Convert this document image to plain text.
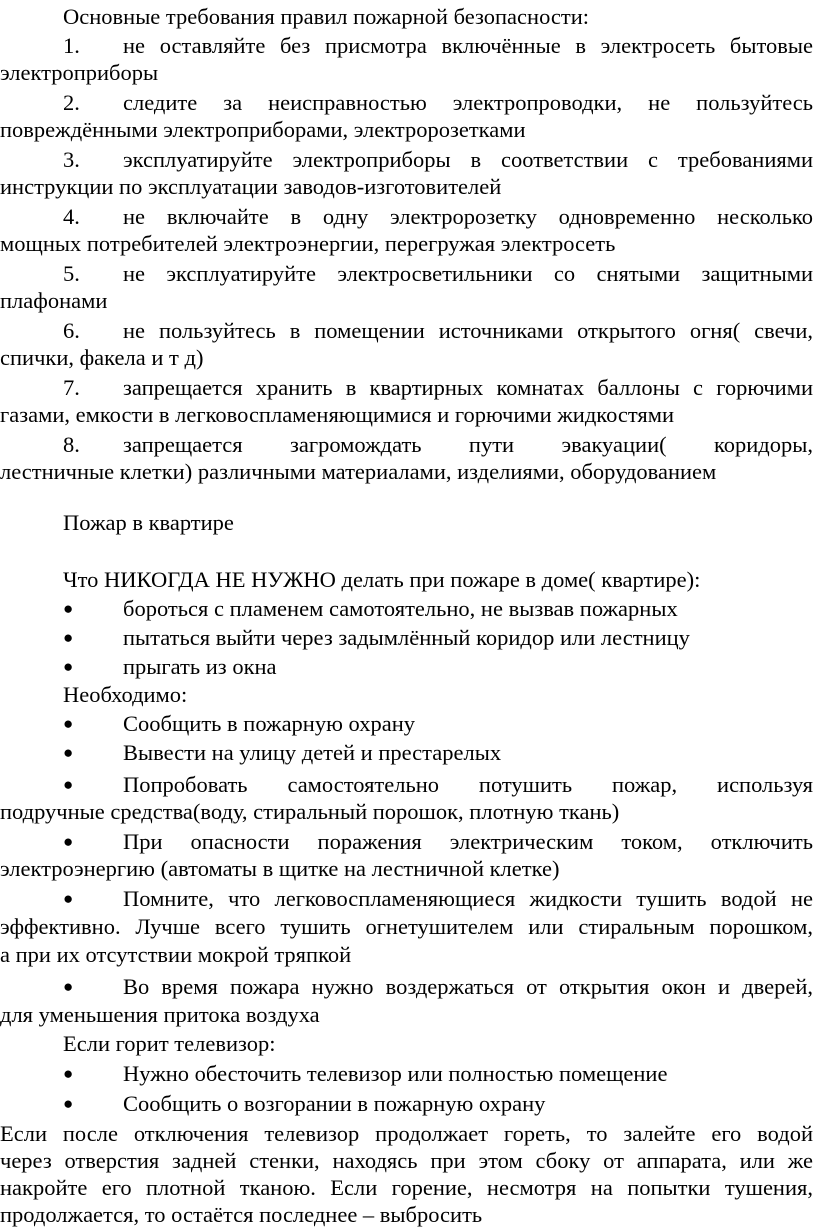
Основные требования правил пожарной безопасности:
1. не оставляйте без присмотра включённые в электросеть бытовые
электроприборы
2. следите за неисправностью электропроводки, не пользуйтесь
повреждёнными электроприборами, электророзетками
3. эксплуатируйте электроприборы в соответствии с требованиями
инструкции по эксплуатации заводов-изготовителей
4. не включайте в одну электророзетку одновременно несколько
мощных потребителей электроэнергии, перегружая электросеть
5. не эксплуатируйте электросветильники со снятыми защитными
плафонами
6. не пользуйтесь в помещении источниками открытого огня( свечи,
спички, факела и т д)
7. запрещается хранить в квартирных комнатах баллоны с горючими
газами, емкости в легковоспламеняющимися и горючими жидкостями
8. запрещается загромождать пути эвакуации( коридоры,
лестничные клетки) различными материалами, изделиями, оборудованием
Пожар в квартире
Что НИКОГДА НЕ НУЖНО делать при пожаре в доме( квартире):
● бороться с пламенем самотоятельно, не вызвав пожарных
● пытаться выйти через задымлённый коридор или лестницу
● прыгать из окна
Необходимо:
● Сообщить в пожарную охрану
● Вывести на улицу детей и престарелых
● Попробовать самостоятельно потушить пожар, используя
подручные средства(воду, стиральный порошок, плотную ткань)
● При опасности поражения электрическим током, отключить
электроэнергию (автоматы в щитке на лестничной клетке)
● Помните, что легковоспламеняющиеся жидкости тушить водой не
эффективно. Лучше всего тушить огнетушителем или стиральным порошком,
а при их отсутствии мокрой тряпкой
● Во время пожара нужно воздержаться от открытия окон и дверей,
для уменьшения притока воздуха
Если горит телевизор:
● Нужно обесточить телевизор или полностью помещение
● Сообщить о возгорании в пожарную охрану
Если после отключения телевизор продолжает гореть, то залейте его водой
через отверстия задней стенки, находясь при этом сбоку от аппарата, или же
накройте его плотной тканою. Если горение, несмотря на попытки тушения,
продолжается, то остаётся последнее – выбросить
